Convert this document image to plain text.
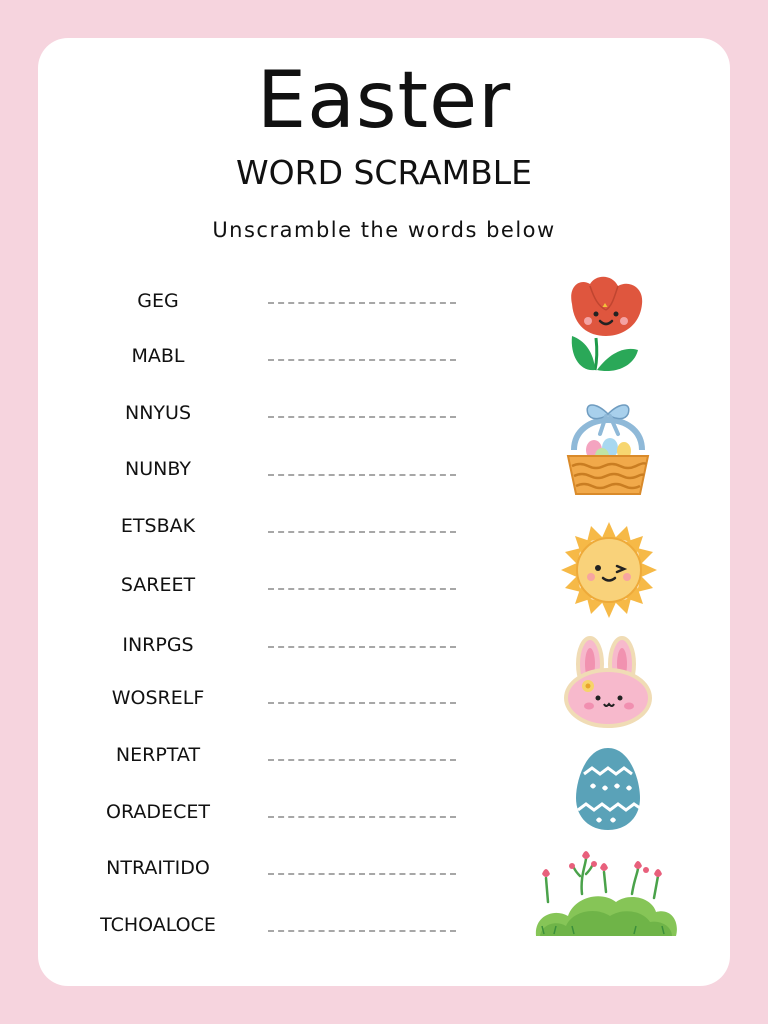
Easter
WORD SCRAMBLE
Unscramble the words below
GEG
MABL
NNYUS
NUNBY
ETSBAK
SAREET
INRPGS
WOSRELF
NERPTAT
ORADECET
NTRAITIDO
TCHOALOCE
